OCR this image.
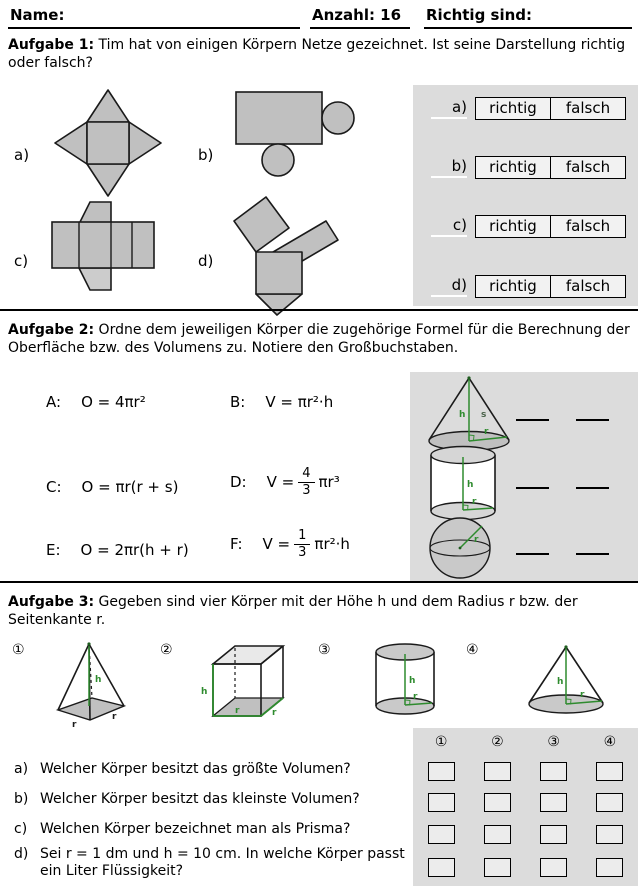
Name:	Anzahl: 16	Richtig sind:
Aufgabe 1: Tim hat von einigen Körpern Netze gezeichnet. Ist seine Darstellung richtig oder falsch?
a)	b)
c)	d)
a)	richtig	falsch
b)	richtig	falsch
c)	richtig	falsch
d)	richtig	falsch
Aufgabe 2: Ordne dem jeweiligen Körper die zugehörige Formel für die Berechnung der Oberfläche bzw. des Volumens zu. Notiere den Großbuchstaben.
A: O = 4πr²	B: V = πr²·h
C: O = πr(r + s)	D: $V = \frac{4}{3} \pi r^3$
E: O = 2πr(h + r)	F: $V = \frac{1}{3} \pi r^2\cdot h$
h s
r
h
r
r
Aufgabe 3: Gegeben sind vier Körper mit der Höhe h und dem Radius r bzw. der Seitenkante r.
①
h
r
r
②
h
r	r
③
h
r
④
h
r
a) Welcher Körper besitzt das größte Volumen?
b) Welcher Körper besitzt das kleinste Volumen?
c) Welchen Körper bezeichnet man als Prisma?
d) Sei r = 1 dm und h = 10 cm. In welche Körper passt ein Liter Flüssigkeit?
①	②	③	④
